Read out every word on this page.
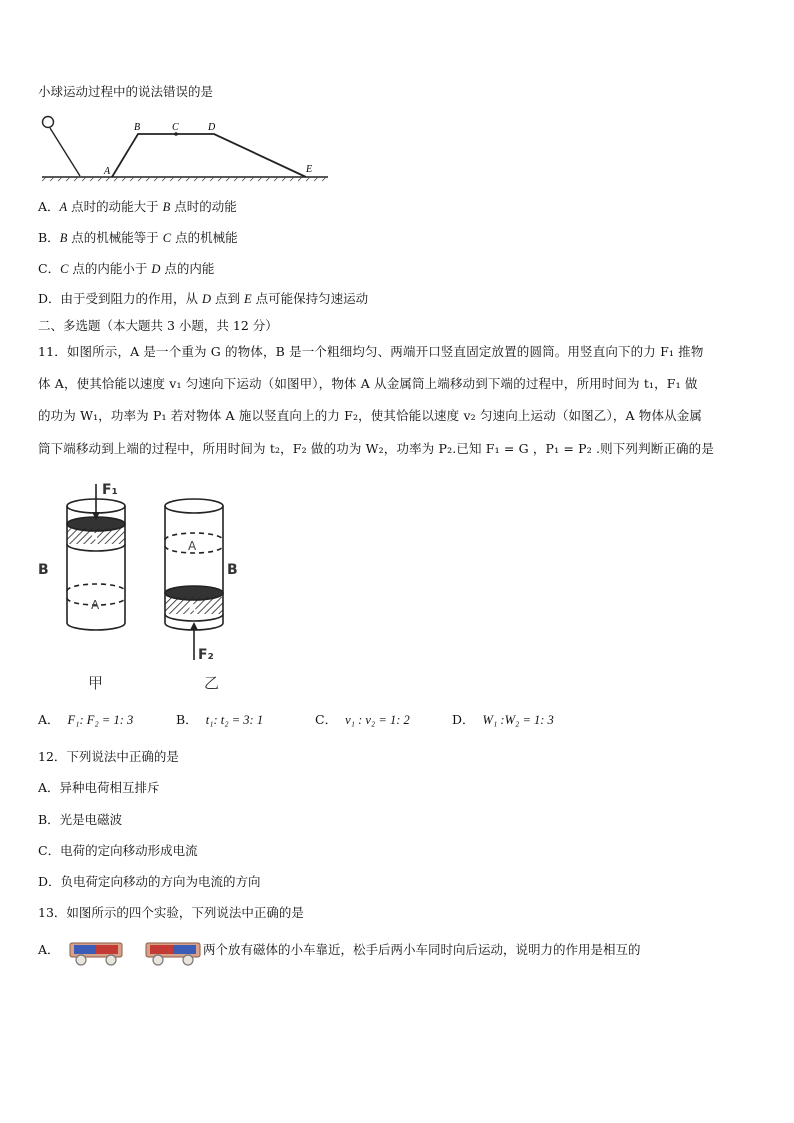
小球运动过程中的说法错误的是
A
B	C	D
E
A．A 点时的动能大于 B 点时的动能
B．B 点的机械能等于 C 点的机械能
C．C 点的内能小于 D 点的内能
D．由于受到阻力的作用，从 D 点到 E 点可能保持匀速运动
二、多选题（本大题共 3 小题，共 12 分）
11．如图所示，A 是一个重为 G 的物体，B 是一个粗细均匀、两端开口竖直固定放置的圆筒。用竖直向下的力 F₁ 推物
体 A，使其恰能以速度 v₁ 匀速向下运动（如图甲），物体 A 从金属筒上端移动到下端的过程中，所用时间为 t₁，F₁ 做
的功为 W₁，功率为 P₁ 若对物体 A 施以竖直向上的力 F₂，使其恰能以速度 v₂ 匀速向上运动（如图乙），A 物体从金属
筒下端移动到上端的过程中，所用时间为 t₂，F₂ 做的功为 W₂，功率为 P₂.已知 F₁ = G ，P₁ = P₂ .则下列判断正确的是
F₁
A
A
B
F₂
A
A
B
甲	乙
A． F₁: F₂ = 1: 3	B． t₁: t₂ = 3: 1	C． v₁ : v₂ = 1: 2	D． W₁ :W₂ = 1: 3
12．下列说法中正确的是
A．异种电荷相互排斥
B．光是电磁波
C．电荷的定向移动形成电流
D．负电荷定向移动的方向为电流的方向
13．如图所示的四个实验，下列说法中正确的是
A．	两个放有磁体的小车靠近，松手后两小车同时向后运动，说明力的作用是相互的
